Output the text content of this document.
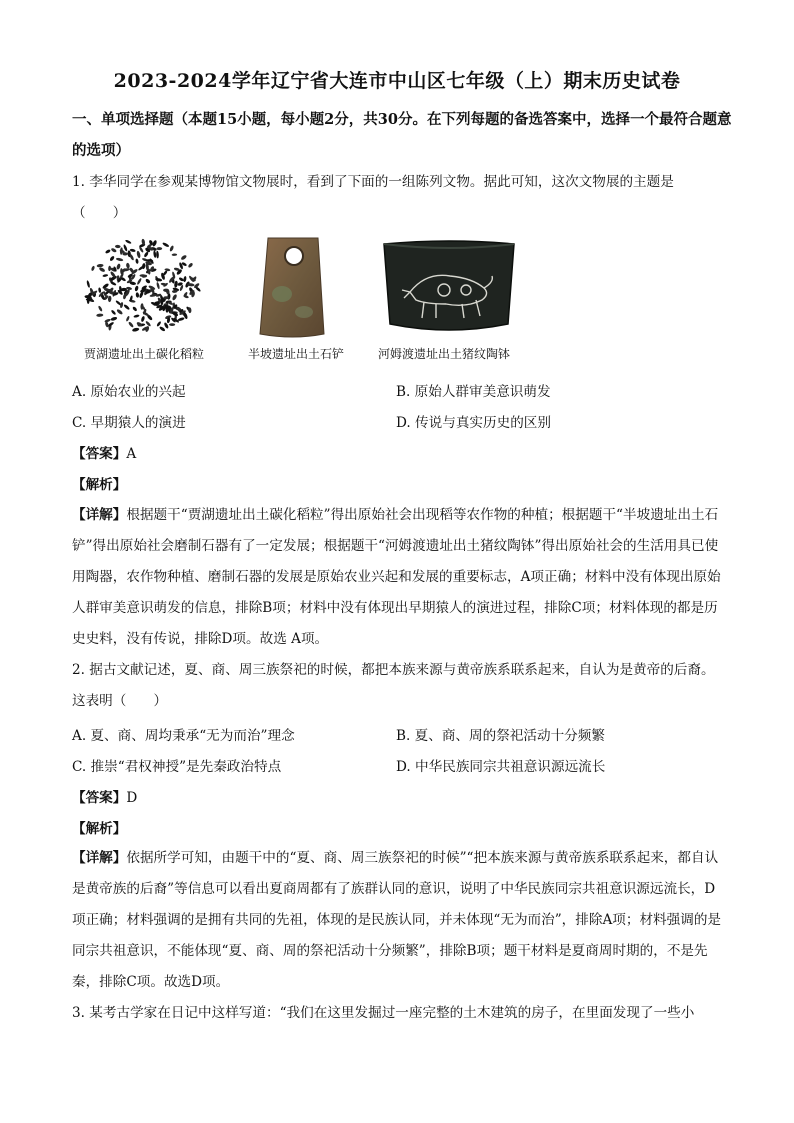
2023-2024学年辽宁省大连市中山区七年级（上）期末历史试卷
一、单项选择题（本题15小题，每小题2分，共30分。在下列每题的备选答案中，选择一个最符合题意的选项）
1. 李华同学在参观某博物馆文物展时，看到了下面的一组陈列文物。据此可知，这次文物展的主题是
（　　）
贾湖遗址出土碳化稻粒	半坡遗址出土石铲	河姆渡遗址出土猪纹陶钵
A. 原始农业的兴起	B. 原始人群审美意识萌发
C. 早期猿人的演进	D. 传说与真实历史的区别
【答案】A
【解析】
【详解】根据题干“贾湖遗址出土碳化稻粒”得出原始社会出现稻等农作物的种植；根据题干“半坡遗址出土石铲”得出原始社会磨制石器有了一定发展；根据题干“河姆渡遗址出土猪纹陶钵”得出原始社会的生活用具已使用陶器，农作物种植、磨制石器的发展是原始农业兴起和发展的重要标志，A项正确；材料中没有体现出原始人群审美意识萌发的信息，排除B项；材料中没有体现出早期猿人的演进过程，排除C项；材料体现的都是历史史料，没有传说，排除D项。故选 A项。
2. 据古文献记述，夏、商、周三族祭祀的时候，都把本族来源与黄帝族系联系起来，自认为是黄帝的后裔。这表明（　　）
A. 夏、商、周均秉承“无为而治”理念	B. 夏、商、周的祭祀活动十分频繁
C. 推崇“君权神授”是先秦政治特点	D. 中华民族同宗共祖意识源远流长
【答案】D
【解析】
【详解】依据所学可知，由题干中的“夏、商、周三族祭祀的时候”“把本族来源与黄帝族系联系起来，都自认是黄帝族的后裔”等信息可以看出夏商周都有了族群认同的意识，说明了中华民族同宗共祖意识源远流长，D项正确；材料强调的是拥有共同的先祖，体现的是民族认同，并未体现“无为而治”，排除A项；材料强调的是同宗共祖意识，不能体现“夏、商、周的祭祀活动十分频繁”，排除B项；题干材料是夏商周时期的，不是先秦，排除C项。故选D项。
3. 某考古学家在日记中这样写道：“我们在这里发掘过一座完整的土木建筑的房子，在里面发现了一些小
